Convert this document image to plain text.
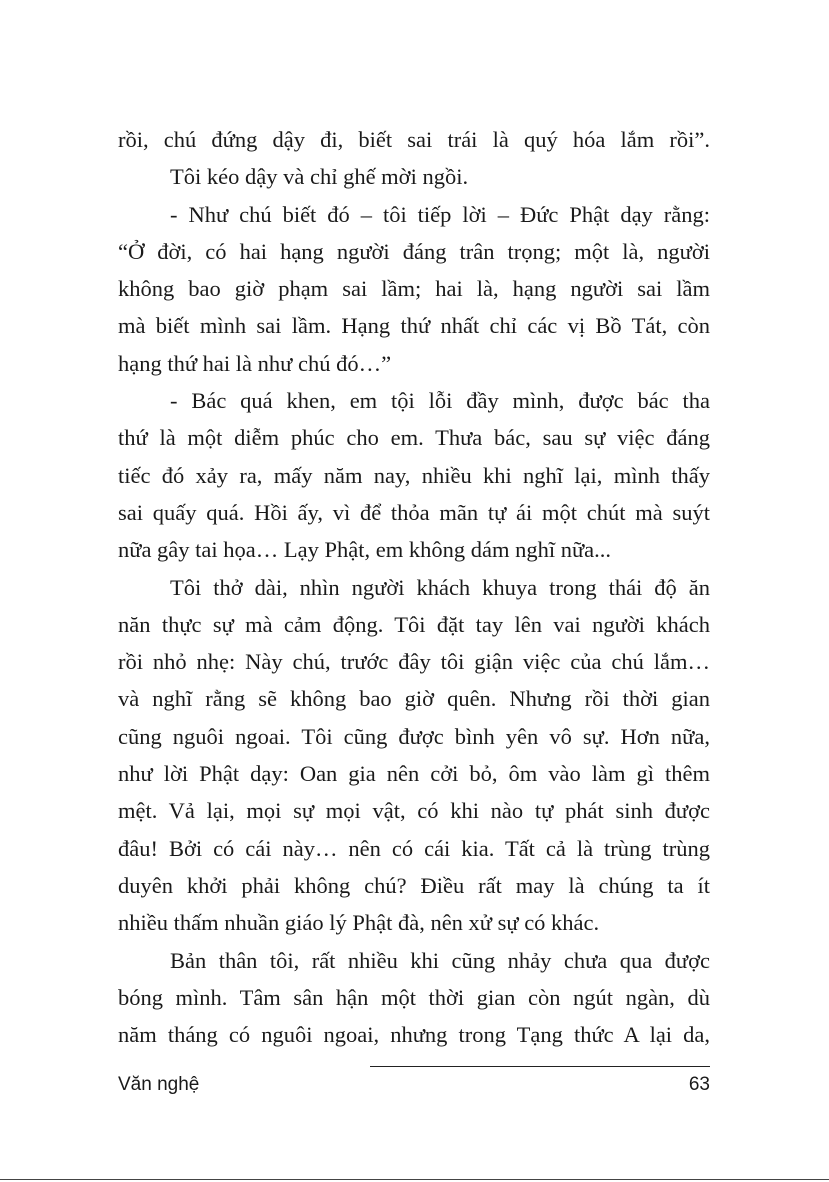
rồi, chú đứng dậy đi, biết sai trái là quý hóa lắm rồi”.
Tôi kéo dậy và chỉ ghế mời ngồi.
- Như chú biết đó – tôi tiếp lời – Đức Phật dạy rằng:
“Ở đời, có hai hạng người đáng trân trọng; một là, người
không bao giờ phạm sai lầm; hai là, hạng người sai lầm
mà biết mình sai lầm. Hạng thứ nhất chỉ các vị Bồ Tát, còn
hạng thứ hai là như chú đó…”
- Bác quá khen, em tội lỗi đầy mình, được bác tha
thứ là một diễm phúc cho em. Thưa bác, sau sự việc đáng
tiếc đó xảy ra, mấy năm nay, nhiều khi nghĩ lại, mình thấy
sai quấy quá. Hồi ấy, vì để thỏa mãn tự ái một chút mà suýt
nữa gây tai họa… Lạy Phật, em không dám nghĩ nữa...
Tôi thở dài, nhìn người khách khuya trong thái độ ăn
năn thực sự mà cảm động. Tôi đặt tay lên vai người khách
rồi nhỏ nhẹ: Này chú, trước đây tôi giận việc của chú lắm…
và nghĩ rằng sẽ không bao giờ quên. Nhưng rồi thời gian
cũng nguôi ngoai. Tôi cũng được bình yên vô sự. Hơn nữa,
như lời Phật dạy: Oan gia nên cởi bỏ, ôm vào làm gì thêm
mệt. Vả lại, mọi sự mọi vật, có khi nào tự phát sinh được
đâu! Bởi có cái này… nên có cái kia. Tất cả là trùng trùng
duyên khởi phải không chú? Điều rất may là chúng ta ít
nhiều thấm nhuần giáo lý Phật đà, nên xử sự có khác.
Bản thân tôi, rất nhiều khi cũng nhảy chưa qua được
bóng mình. Tâm sân hận một thời gian còn ngút ngàn, dù
năm tháng có nguôi ngoai, nhưng trong Tạng thức A lại da,
Văn nghệ	63
